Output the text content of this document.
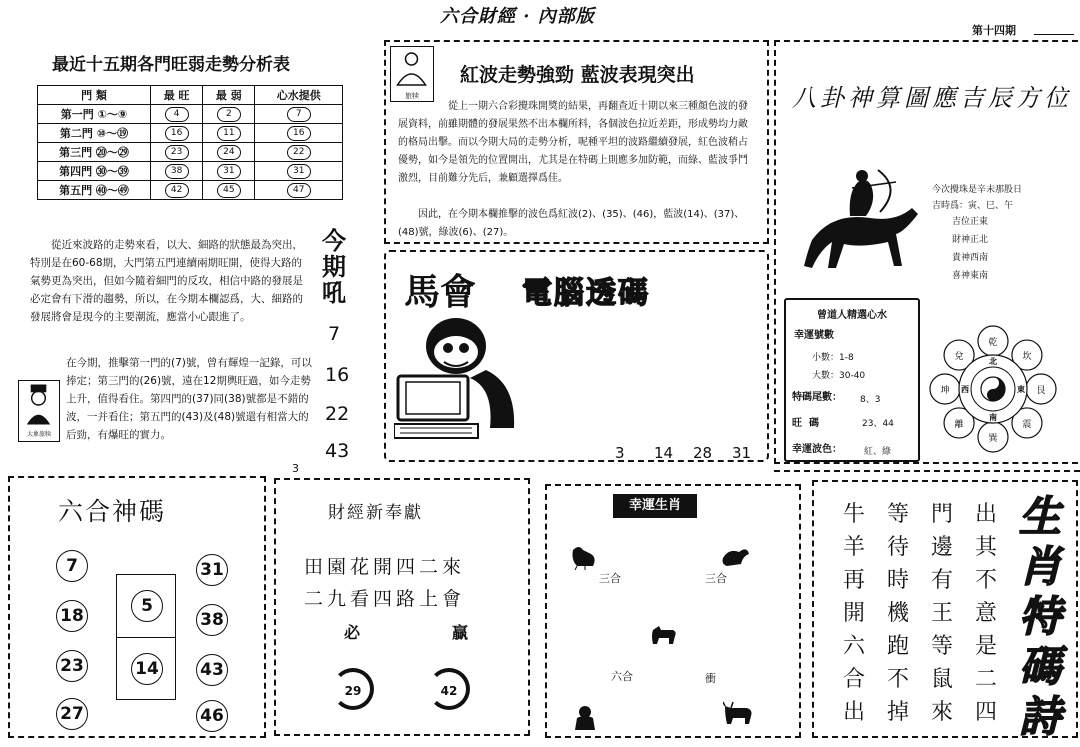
六合財經 · 內部版
第十四期
最近十五期各門旺弱走勢分析表
門 類	最 旺	最 弱	心水提供
第一門 ①～⑨	4	2	7
第二門 ⑩～⑲	16	11	16
第三門 ⑳～㉙	23	24	22
第四門 ㉚～㊴	38	31	31
第五門 ㊵～㊾	42	45	47
從近來波路的走勢來看，以大、細路的狀態最為突出，特別是在60-68期，大門第五門連續兩期旺開，使得大路的氣勢更為突出，但如今隨着細門的反攻，相信中路的發展是必定會有下滑的趨勢，所以，在今期本欄認爲，大、細路的發展將會是現今的主要潮流，應當小心跟進了。
大象旅犊
在今期，推擊第一門的(7)號，曾有輝煌一記錄，可以捧定；第三門的(26)號，遠在12期輿旺過，如今走勢上升，值得看住。第四門的(37)同(38)號都是不錯的波，一并看住；第五門的(43)及(48)號還有相當大的后勁，有爆旺的實力。
今期吼
7
16
22
43
3
旅犊
紅波走勢強勁 藍波表現突出
從上一期六合彩攪珠開獎的結果，再翻查近十期以來三種顏色波的發展資料，前雖期體的發展果然不出本欄所料，各個波色拉近差距，形成勢均力敵的格局出擊。而以今期大局的走勢分析，呢種平坦的波路繼續發展，紅色波稍占優勢，如今是領先的位置開出，尤其是在特碼上則應多加防範，而綠、藍波爭鬥激烈，目前難分先后，兼顧選擇爲佳。
因此，在今期本欄推擊的波色爲紅波(2)、(35)、(46)，藍波(14)、(37)、(48)號，綠波(6)、(27)。
馬會 電腦透碼
3 14 28 31
八卦神算圖應吉辰方位
今次攪珠是辛未那股日
吉時爲：寅、巳、午
吉位正東
財神正北
貴神西南
喜神東南
曾道人精選心水
幸運號數
小數：1-8
大數：30-40
特碼尾數： 8、3
旺  碼	23、44
幸運波色： 紅、綠
乾
坎
艮
震
巽
離
坤
兌	北
東
南
西
六合神碼
7
18
23
27
5
14
31
38
43
46
財經新奉獻
田園花開四二來
二九看四路上會
必	贏
29	42
幸運生肖
三合	三合
六合	衝
牛
羊
再
開
六
合
出
等
待
時
機
跑
不
掉
門
邊
有
王
等
鼠
來
出
其
不
意
是
二
四
生
肖
特
碼
詩
